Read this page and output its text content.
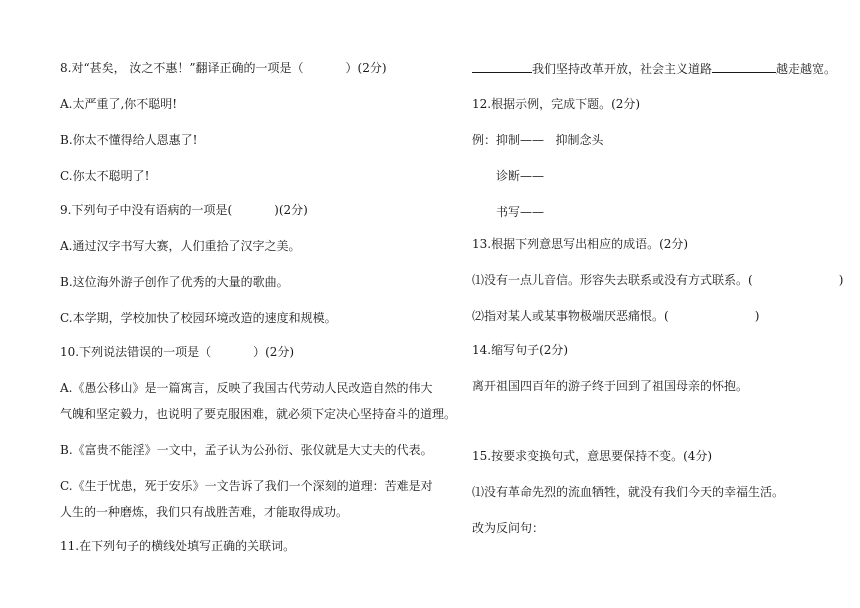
8.对“甚矣， 汝之不惠！”翻译正确的一项是（	）(2分)
A.太严重了,你不聪明!
B.你太不懂得给人恩惠了!
C.你太不聪明了!
9.下列句子中没有语病的一项是(	)(2分)
A.通过汉字书写大赛，人们重拾了汉字之美。
B.这位海外游子创作了优秀的大量的歌曲。
C.本学期，学校加快了校园环境改造的速度和规模。
10.下列说法错误的一项是（	）(2分)
A.《愚公移山》是一篇寓言，反映了我国古代劳动人民改造自然的伟大
气魄和坚定毅力，也说明了要克服困难，就必须下定决心坚持奋斗的道理。
B.《富贵不能淫》一文中，孟子认为公孙衍、张仪就是大丈夫的代表。
C.《生于忧患，死于安乐》一文告诉了我们一个深刻的道理：苦难是对
人生的一种磨炼，我们只有战胜苦难，才能取得成功。
11.在下列句子的横线处填写正确的关联词。
我们坚持改革开放，社会主义道路	越走越宽。
12.根据示例，完成下题。(2分)
例：抑制——   抑制念头
诊断——
书写——
13.根据下列意思写出相应的成语。(2分)
⑴没有一点儿音信。形容失去联系或没有方式联系。(	)
⑵指对某人或某事物极端厌恶痛恨。(	)
14.缩写句子(2分)
离开祖国四百年的游子终于回到了祖国母亲的怀抱。
15.按要求变换句式，意思要保持不变。(4分)
⑴没有革命先烈的流血牺牲，就没有我们今天的幸福生活。
改为反问句：
